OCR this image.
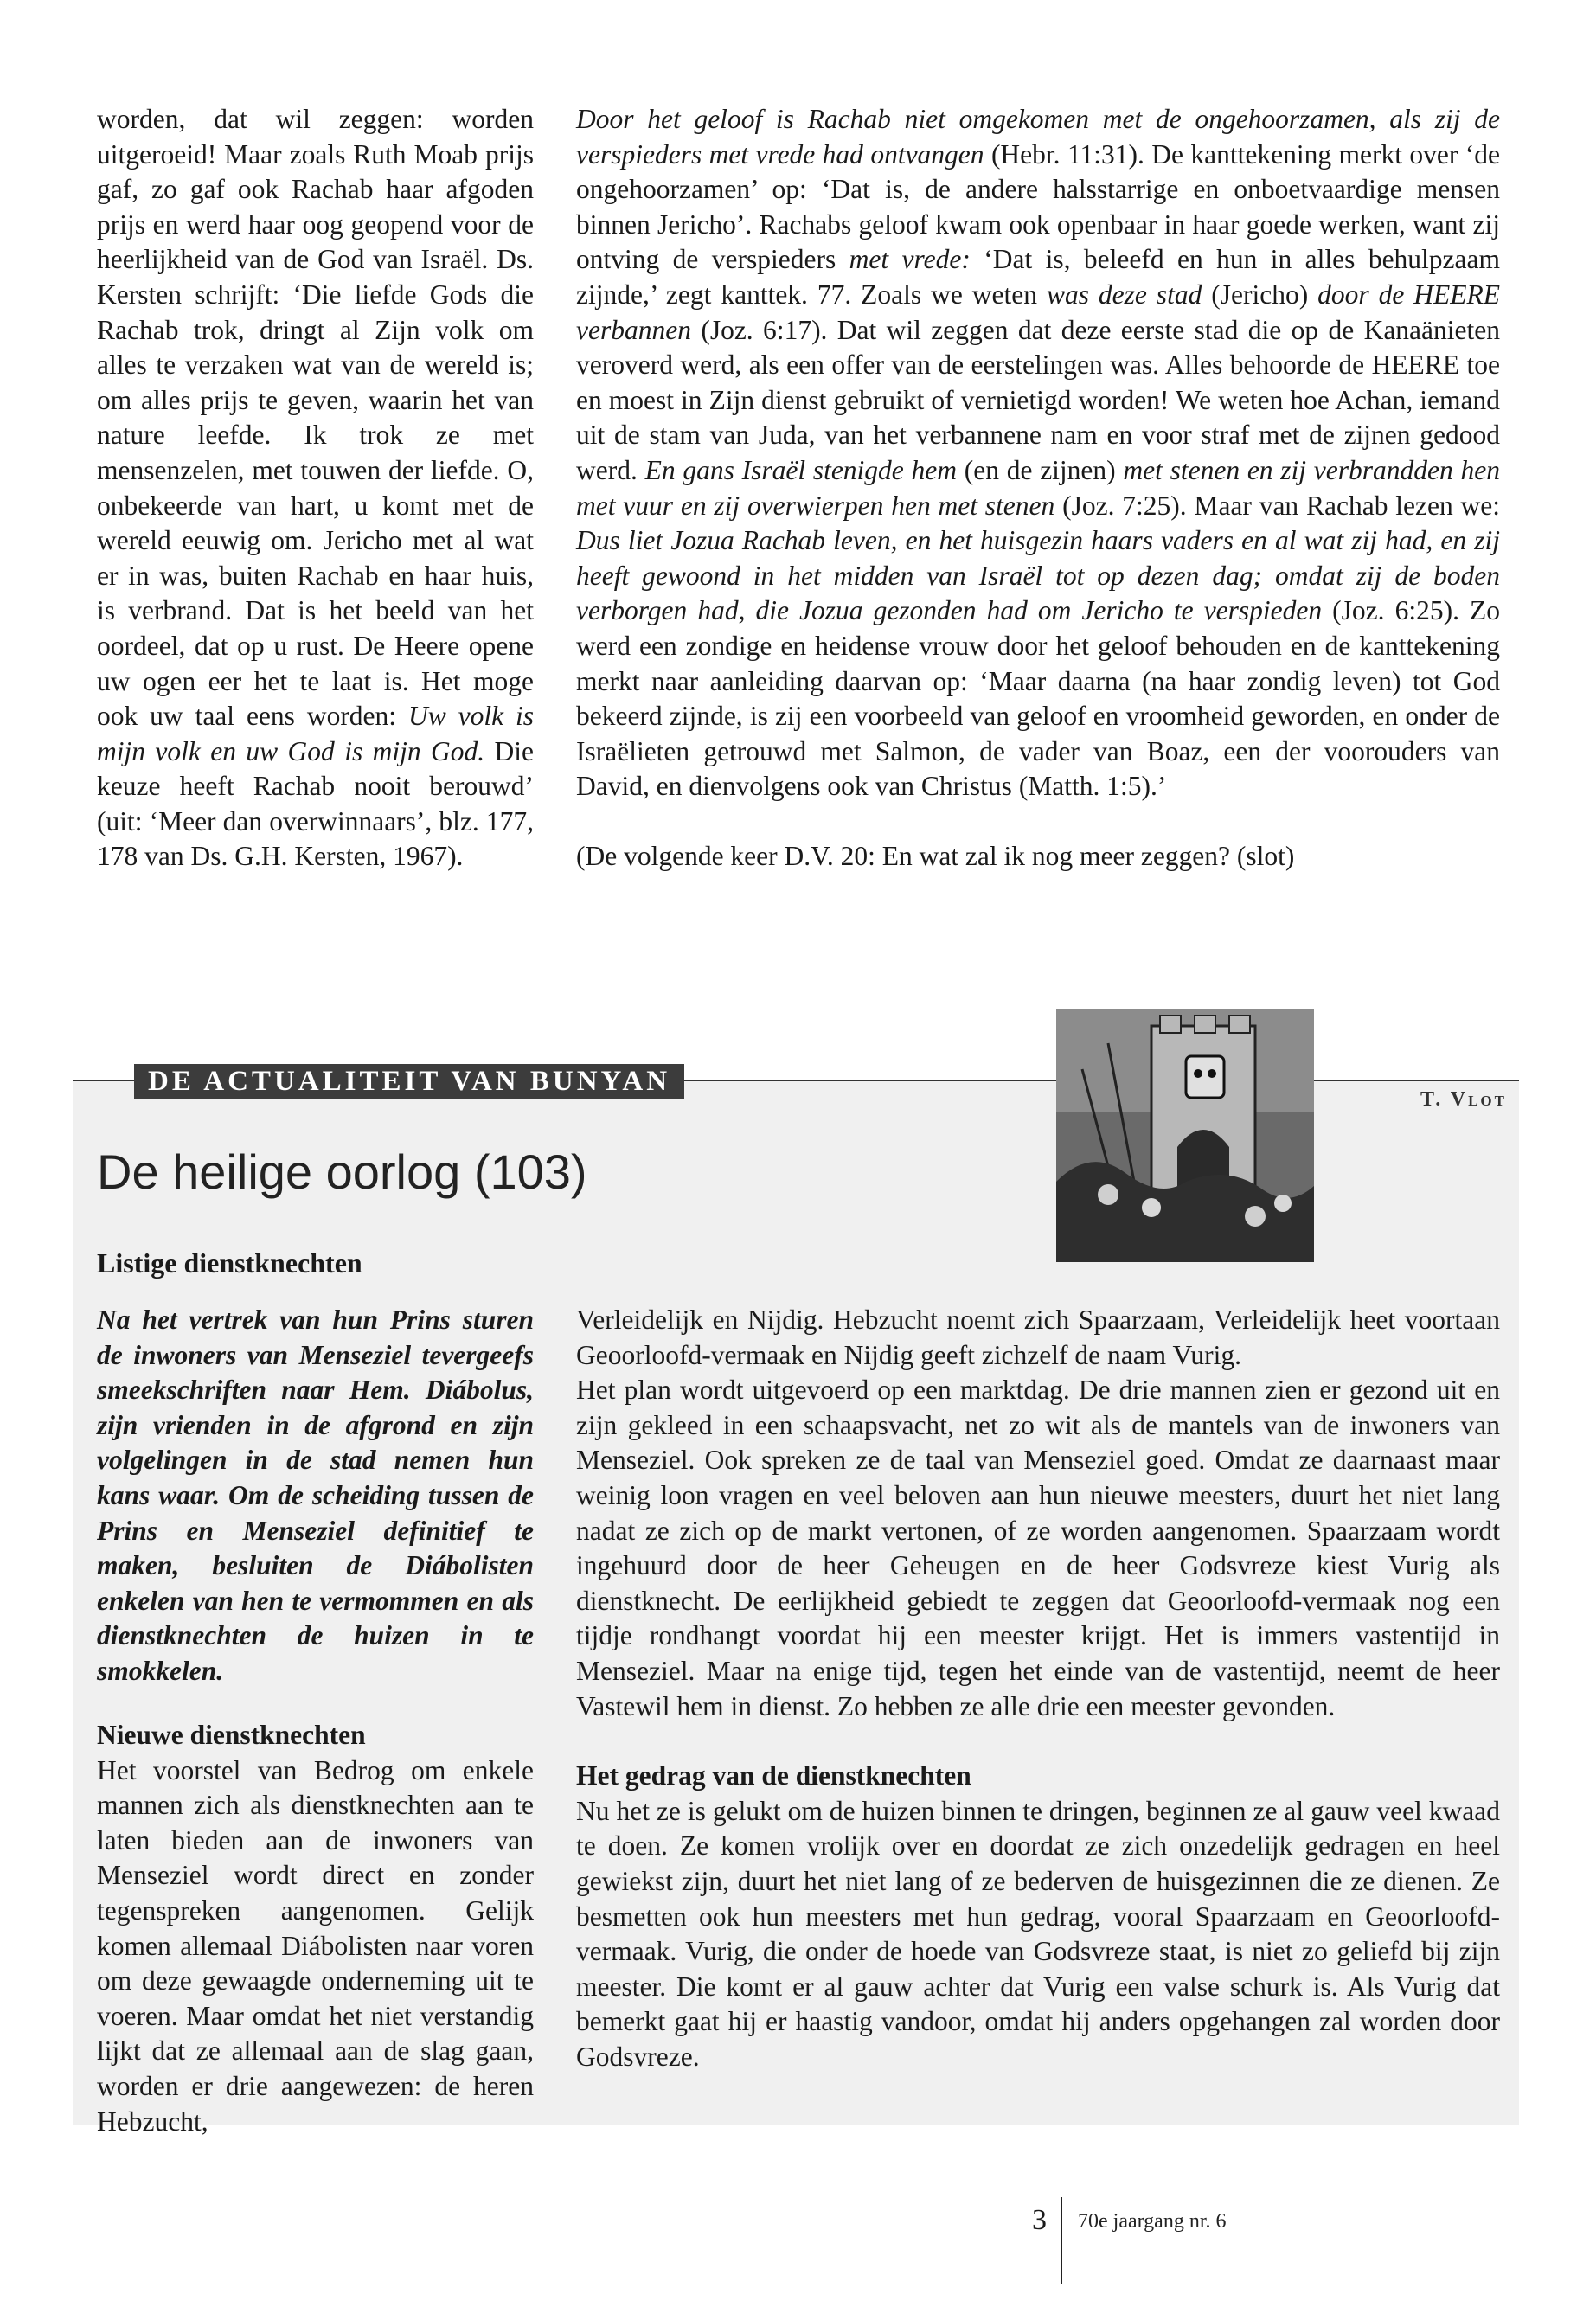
worden, dat wil zeggen: worden uitgeroeid! Maar zoals Ruth Moab prijs gaf, zo gaf ook Rachab haar afgoden prijs en werd haar oog geopend voor de heerlijkheid van de God van Israël. Ds. Kersten schrijft: ‘Die liefde Gods die Rachab trok, dringt al Zijn volk om alles te verzaken wat van de wereld is; om alles prijs te geven, waarin het van nature leefde. Ik trok ze met mensenzelen, met touwen der liefde. O, onbekeerde van hart, u komt met de wereld eeuwig om. Jericho met al wat er in was, buiten Rachab en haar huis, is verbrand. Dat is het beeld van het oordeel, dat op u rust. De Heere opene uw ogen eer het te laat is. Het moge ook uw taal eens worden: Uw volk is mijn volk en uw God is mijn God. Die keuze heeft Rachab nooit berouwd’ (uit: ‘Meer dan overwinnaars’, blz. 177, 178 van Ds. G.H. Kersten, 1967).

Door het geloof is Rachab niet omgekomen met de ongehoorzamen, als zij de verspieders met vrede had ontvangen (Hebr. 11:31). De kanttekening merkt over ‘de ongehoorzamen’ op: ‘Dat is, de andere halsstarrige en onboetvaardige mensen binnen Jericho’. Rachabs geloof kwam ook openbaar in haar goede werken, want zij ontving de verspieders met vrede: ‘Dat is, beleefd en hun in alles behulpzaam zijnde,’ zegt kanttek. 77. Zoals we weten was deze stad (Jericho) door de HEERE verbannen (Joz. 6:17). Dat wil zeggen dat deze eerste stad die op de Kanaänieten veroverd werd, als een offer van de eerstelingen was. Alles behoorde de HEERE toe en moest in Zijn dienst gebruikt of vernietigd worden! We weten hoe Achan, iemand uit de stam van Juda, van het verbannene nam en voor straf met de zijnen gedood werd. En gans Israël stenigde hem (en de zijnen) met stenen en zij verbrandden hen met vuur en zij overwierpen hen met stenen (Joz. 7:25). Maar van Rachab lezen we: Dus liet Jozua Rachab leven, en het huisgezin haars vaders en al wat zij had, en zij heeft gewoond in het midden van Israël tot op dezen dag; omdat zij de boden verborgen had, die Jozua gezonden had om Jericho te verspieden (Joz. 6:25). Zo werd een zondige en heidense vrouw door het geloof behouden en de kanttekening merkt naar aanleiding daarvan op: ‘Maar daarna (na haar zondig leven) tot God bekeerd zijnde, is zij een voorbeeld van geloof en vroomheid geworden, en onder de Israëlieten getrouwd met Salmon, de vader van Boaz, een der voorouders van David, en dienvolgens ook van Christus (Matth. 1:5).’

(De volgende keer D.V. 20: En wat zal ik nog meer zeggen? (slot)

DE ACTUALITEIT VAN BUNYAN
T. Vlot
De heilige oorlog (103)
Listige dienstknechten
Na het vertrek van hun Prins sturen de inwoners van Menseziel tevergeefs smeekschriften naar Hem. Diábolus, zijn vrienden in de afgrond en zijn volgelingen in de stad nemen hun kans waar. Om de scheiding tussen de Prins en Menseziel definitief te maken, besluiten de Diábolisten enkelen van hen te vermommen en als dienstknechten de huizen in te smokkelen.

Nieuwe dienstknechten

Het voorstel van Bedrog om enkele mannen zich als dienstknechten aan te laten bieden aan de inwoners van Menseziel wordt direct en zonder tegenspreken aangenomen. Gelijk komen allemaal Diábolisten naar voren om deze gewaagde onderneming uit te voeren. Maar omdat het niet verstandig lijkt dat ze allemaal aan de slag gaan, worden er drie aangewezen: de heren Hebzucht,

Verleidelijk en Nijdig. Hebzucht noemt zich Spaarzaam, Verleidelijk heet voortaan Geoorloofd-vermaak en Nijdig geeft zichzelf de naam Vurig.

Het plan wordt uitgevoerd op een marktdag. De drie mannen zien er gezond uit en zijn gekleed in een schaapsvacht, net zo wit als de mantels van de inwoners van Menseziel. Ook spreken ze de taal van Menseziel goed. Omdat ze daarnaast maar weinig loon vragen en veel beloven aan hun nieuwe meesters, duurt het niet lang nadat ze zich op de markt vertonen, of ze worden aangenomen. Spaarzaam wordt ingehuurd door de heer Geheugen en de heer Godsvreze kiest Vurig als dienstknecht. De eerlijkheid gebiedt te zeggen dat Geoorloofd-vermaak nog een tijdje rondhangt voordat hij een meester krijgt. Het is immers vastentijd in Menseziel. Maar na enige tijd, tegen het einde van de vastentijd, neemt de heer Vastewil hem in dienst. Zo hebben ze alle drie een meester gevonden.

Het gedrag van de dienstknechten

Nu het ze is gelukt om de huizen binnen te dringen, beginnen ze al gauw veel kwaad te doen. Ze komen vrolijk over en doordat ze zich onzedelijk gedragen en heel gewiekst zijn, duurt het niet lang of ze bederven de huisgezinnen die ze dienen. Ze besmetten ook hun meesters met hun gedrag, vooral Spaarzaam en Geoorloofd-vermaak. Vurig, die onder de hoede van Godsvreze staat, is niet zo geliefd bij zijn meester. Die komt er al gauw achter dat Vurig een valse schurk is. Als Vurig dat bemerkt gaat hij er haastig vandoor, omdat hij anders opgehangen zal worden door Godsvreze.

3 70e jaargang nr. 6
